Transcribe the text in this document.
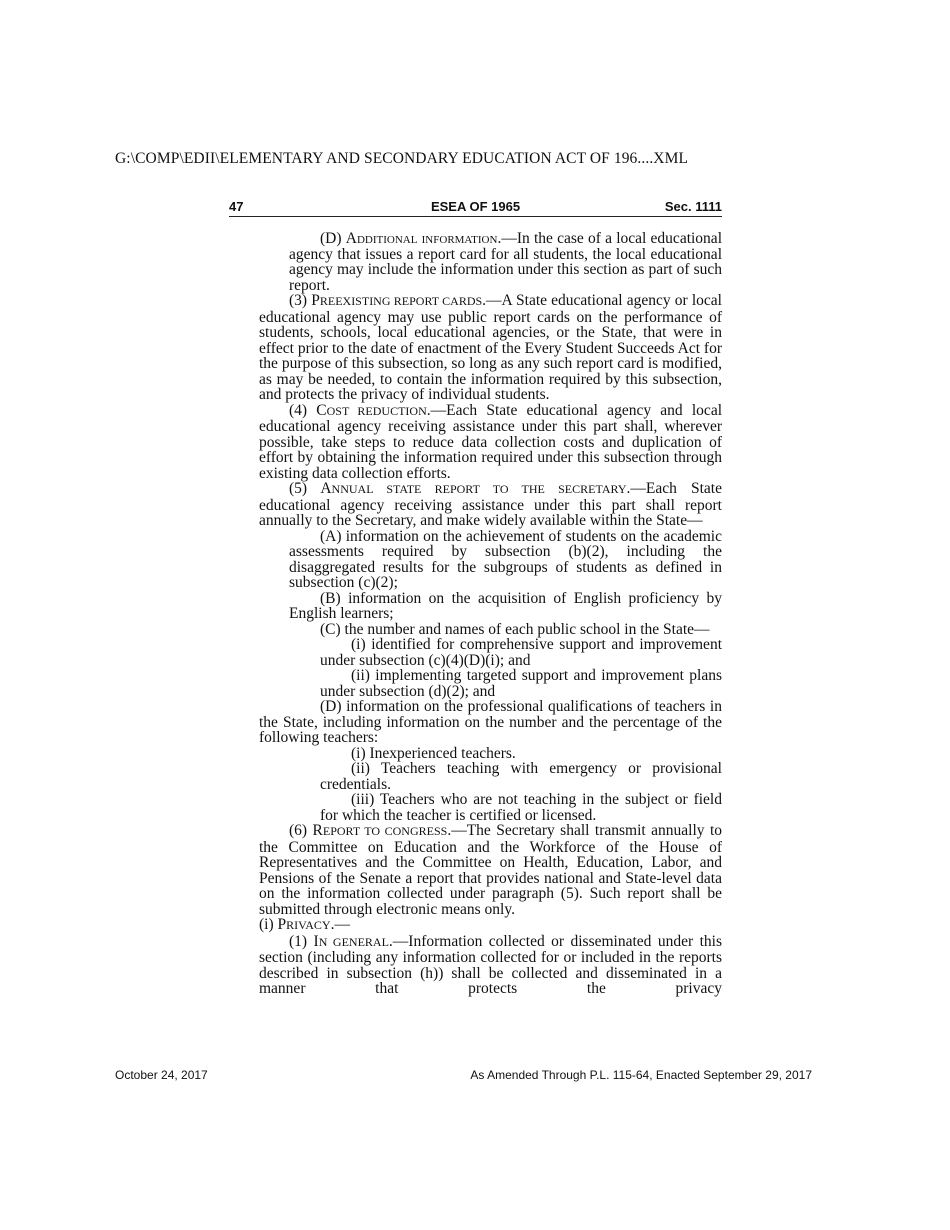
G:\COMP\EDII\ELEMENTARY AND SECONDARY EDUCATION ACT OF 196....XML
47	ESEA OF 1965	Sec. 1111

(D) Additional information.—In the case of a local educational agency that issues a report card for all students, the local educational agency may include the information under this section as part of such report.

(3) PREEXISTING REPORT CARDS.—A State educational agency or local educational agency may use public report cards on the performance of students, schools, local educational agencies, or the State, that were in effect prior to the date of enactment of the Every Student Succeeds Act for the purpose of this subsection, so long as any such report card is modified, as may be needed, to contain the information required by this subsection, and protects the privacy of individual students.

(4) COST REDUCTION.—Each State educational agency and local educational agency receiving assistance under this part shall, wherever possible, take steps to reduce data collection costs and duplication of effort by obtaining the information required under this subsection through existing data collection efforts.

(5) ANNUAL STATE REPORT TO THE SECRETARY.—Each State educational agency receiving assistance under this part shall report annually to the Secretary, and make widely available within the State—

(A) information on the achievement of students on the academic assessments required by subsection (b)(2), including the disaggregated results for the subgroups of students as defined in subsection (c)(2);

(B) information on the acquisition of English proficiency by English learners;

(C) the number and names of each public school in the State—

(i) identified for comprehensive support and improvement under subsection (c)(4)(D)(i); and

(ii) implementing targeted support and improvement plans under subsection (d)(2); and

(D) information on the professional qualifications of teachers in the State, including information on the number and the percentage of the following teachers:

(i) Inexperienced teachers.

(ii) Teachers teaching with emergency or provisional credentials.

(iii) Teachers who are not teaching in the subject or field for which the teacher is certified or licensed.

(6) REPORT TO CONGRESS.—The Secretary shall transmit annually to the Committee on Education and the Workforce of the House of Representatives and the Committee on Health, Education, Labor, and Pensions of the Senate a report that provides national and State-level data on the information collected under paragraph (5). Such report shall be submitted through electronic means only.

(i) PRIVACY.—

(1) IN GENERAL.—Information collected or disseminated under this section (including any information collected for or included in the reports described in subsection (h)) shall be collected and disseminated in a manner that protects the privacy

October 24, 2017	As Amended Through P.L. 115-64, Enacted September 29, 2017
